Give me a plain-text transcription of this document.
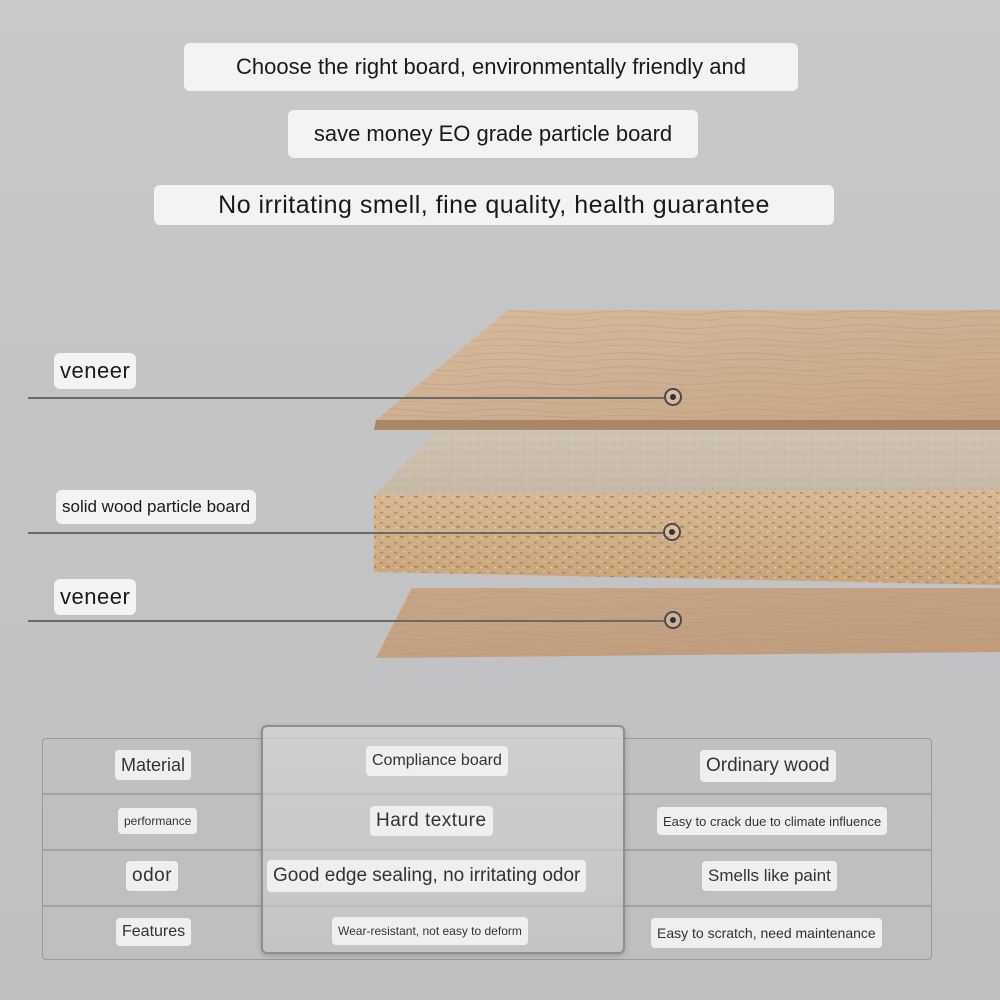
Choose the right board, environmentally friendly and
save money EO grade particle board
No irritating smell, fine quality, health guarantee
veneer
solid wood particle board
veneer
Material	Compliance board	Ordinary wood
performance	Hard texture	Easy to crack due to climate influence
odor	Good edge sealing, no irritating odor	Smells like paint
Features	Wear-resistant, not easy to deform	Easy to scratch, need maintenance
